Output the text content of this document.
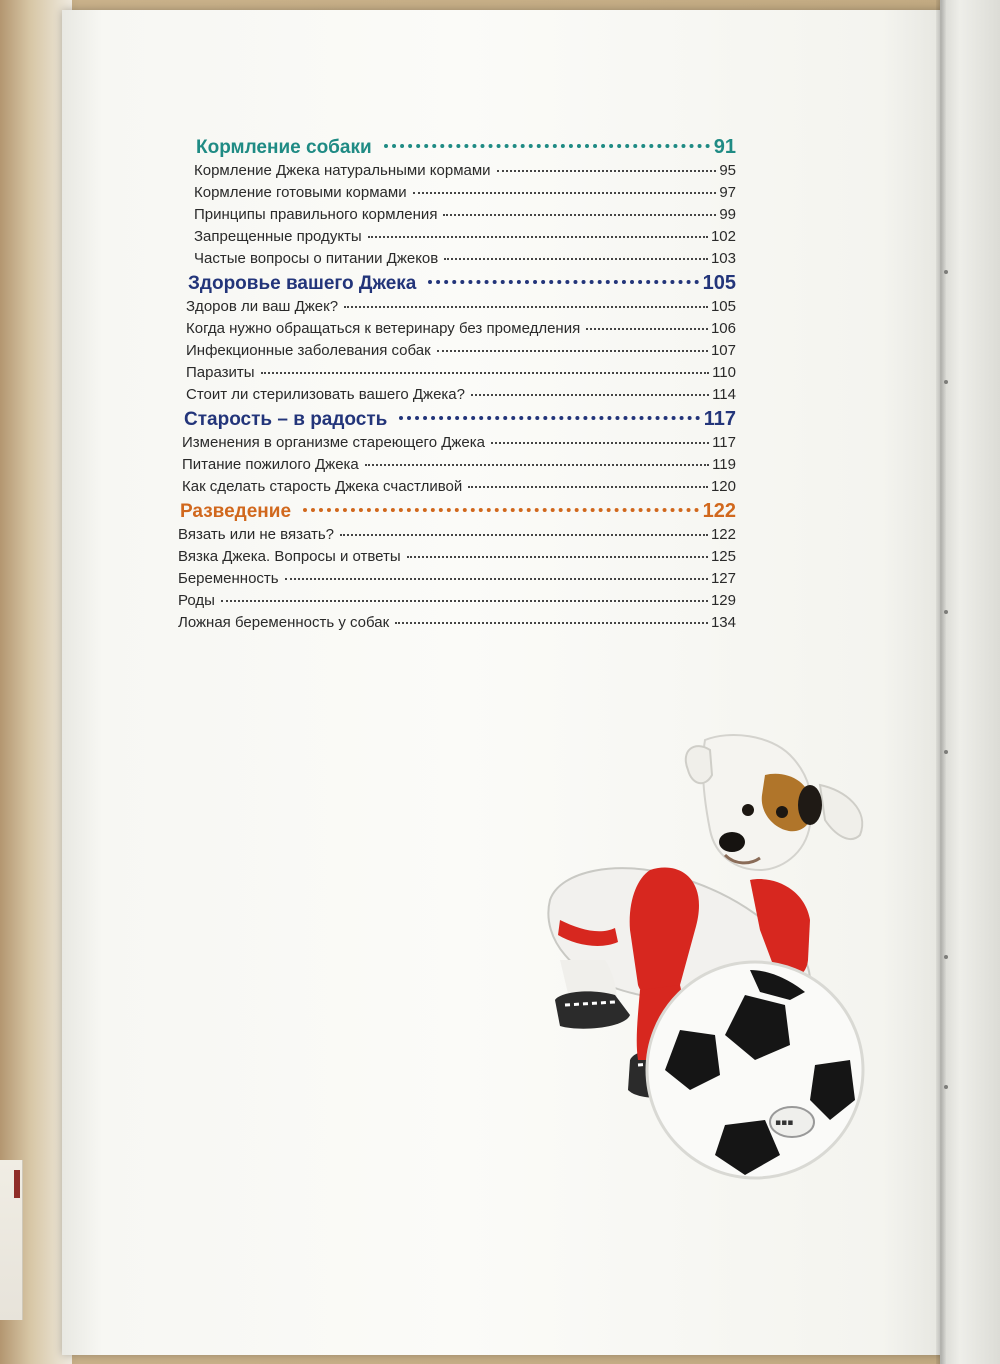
Кормление собаки	91
Кормление Джека натуральными кормами	95
Кормление готовыми кормами	97
Принципы правильного кормления	99
Запрещенные продукты	102
Частые вопросы о питании Джеков	103
Здоровье вашего Джека	105
Здоров ли ваш Джек?	105
Когда нужно обращаться к ветеринару без промедления	106
Инфекционные заболевания собак	107
Паразиты	110
Стоит ли стерилизовать вашего Джека?	114
Старость – в радость	117
Изменения в организме стареющего Джека	117
Питание пожилого Джека	119
Как сделать старость Джека счастливой	120
Разведение	122
Вязать или не вязать?	122
Вязка Джека. Вопросы и ответы	125
Беременность	127
Роды	129
Ложная беременность у собак	134
▪▪▪
